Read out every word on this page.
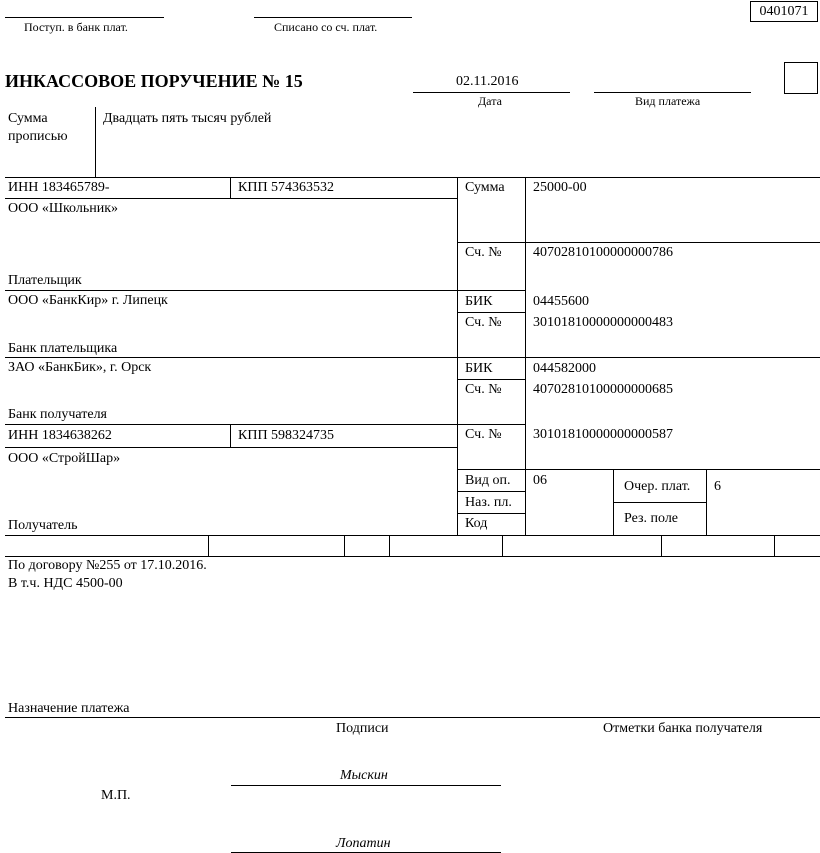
0401071
Поступ. в банк плат.	Списано со сч. плат.
ИНКАССОВОЕ ПОРУЧЕНИЕ № 15	02.11.2016
Дата	Вид платежа
Сумма
прописью
Двадцать пять тысяч рублей
ИНН 183465789-	КПП 574363532
ООО «Школьник»
Плательщик
ООО «БанкКир» г. Липецк
Банк плательщика
ЗАО «БанкБик», г. Орск
Банк получателя
ИНН 1834638262	КПП 598324735
ООО «СтройШар»
Получатель
Сумма 25000-00
Сч. № 40702810100000000786
БИК	04455600
Сч. № 30101810000000000483
БИК	044582000
Сч. № 40702810100000000685
Сч. № 30101810000000000587
Вид оп. 06
Наз. пл.
Код
Очер. плат. 6
Рез. поле
По договору №255 от 17.10.2016.
В т.ч. НДС 4500-00
Назначение платежа
Подписи	Отметки банка получателя
М.П.
Мыскин
Лопатин
